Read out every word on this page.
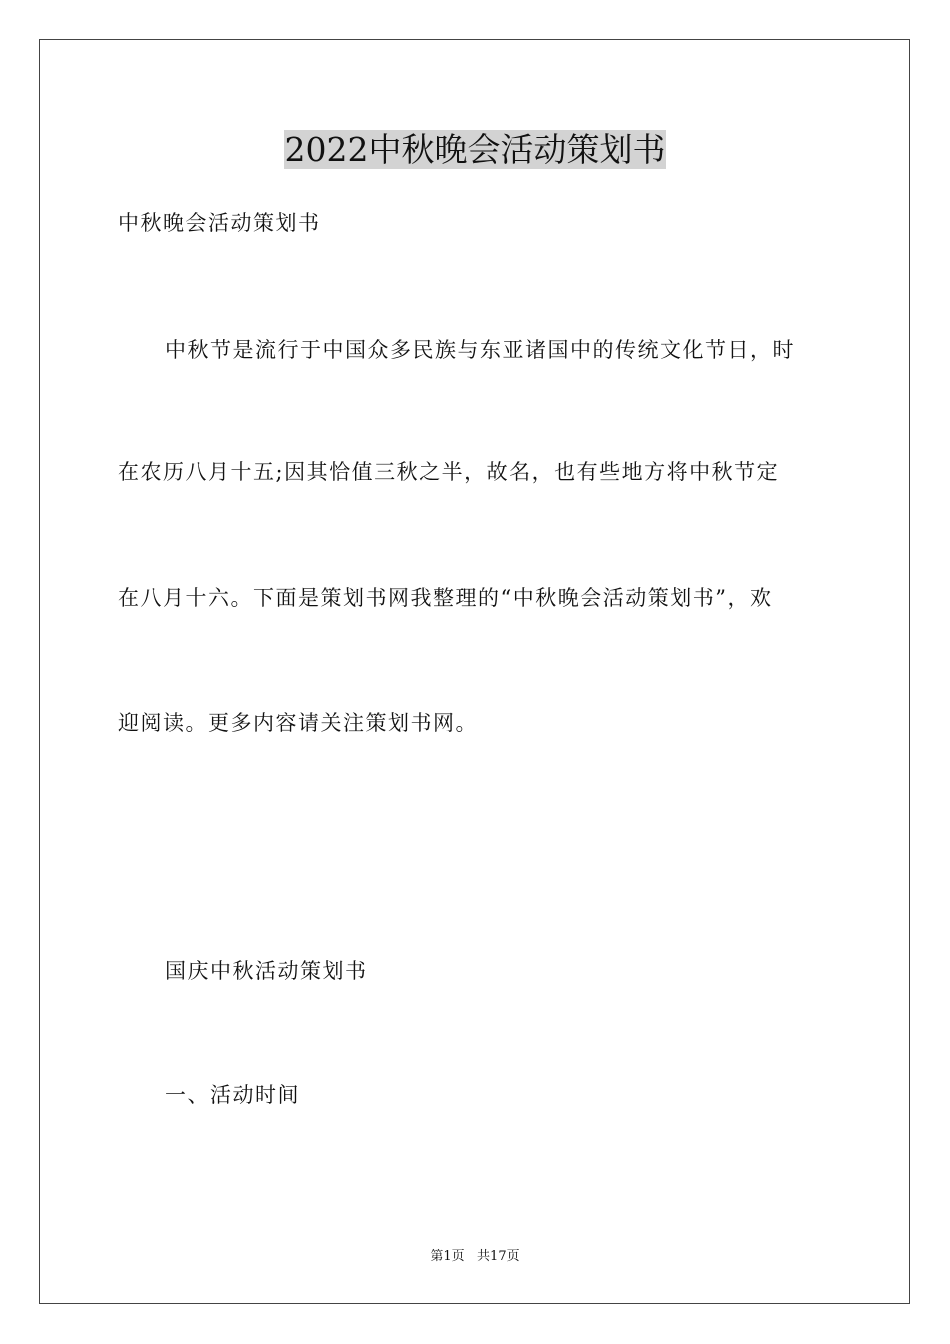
2022中秋晚会活动策划书
中秋晚会活动策划书
中秋节是流行于中国众多民族与东亚诸国中的传统文化节日，时
在农历八月十五;因其恰值三秋之半，故名，也有些地方将中秋节定
在八月十六。下面是策划书网我整理的“中秋晚会活动策划书”，欢
迎阅读。更多内容请关注策划书网。
国庆中秋活动策划书
一、活动时间
第1页   共17页
